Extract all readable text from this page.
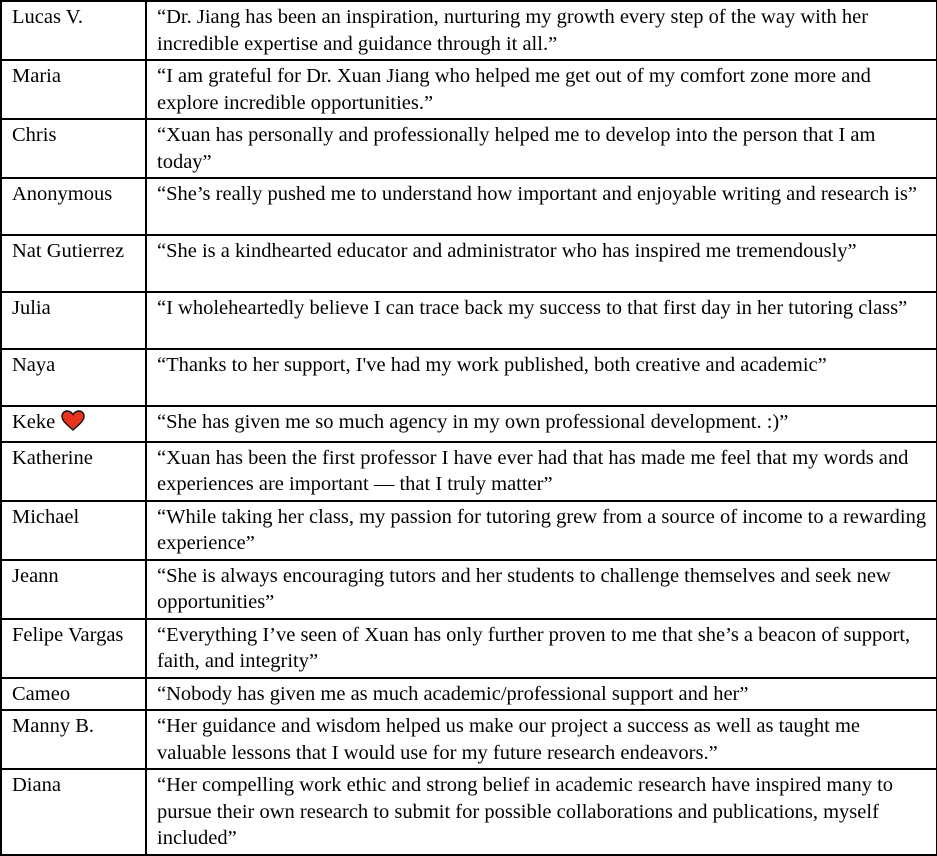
Lucas V.	“Dr. Jiang has been an inspiration, nurturing my growth every step of the way with her incredible expertise and guidance through it all.”
Maria	“I am grateful for Dr. Xuan Jiang who helped me get out of my comfort zone more and explore incredible opportunities.”
Chris	“Xuan has personally and professionally helped me to develop into the person that I am today”
Anonymous	“She’s really pushed me to understand how important and enjoyable writing and research is”
Nat Gutierrez	“She is a kindhearted educator and administrator who has inspired me tremendously”
Julia	“I wholeheartedly believe I can trace back my success to that first day in her tutoring class”
Naya	“Thanks to her support, I've had my work published, both creative and academic”
Keke	“She has given me so much agency in my own professional development. :)”
Katherine	“Xuan has been the first professor I have ever had that has made me feel that my words and experiences are important — that I truly matter”
Michael	“While taking her class, my passion for tutoring grew from a source of income to a rewarding experience”
Jeann	“She is always encouraging tutors and her students to challenge themselves and seek new opportunities”
Felipe Vargas	“Everything I’ve seen of Xuan has only further proven to me that she’s a beacon of support, faith, and integrity”
Cameo	“Nobody has given me as much academic/professional support and her”
Manny B.	“Her guidance and wisdom helped us make our project a success as well as taught me valuable lessons that I would use for my future research endeavors.”
Diana	“Her compelling work ethic and strong belief in academic research have inspired many to pursue their own research to submit for possible collaborations and publications, myself included”
